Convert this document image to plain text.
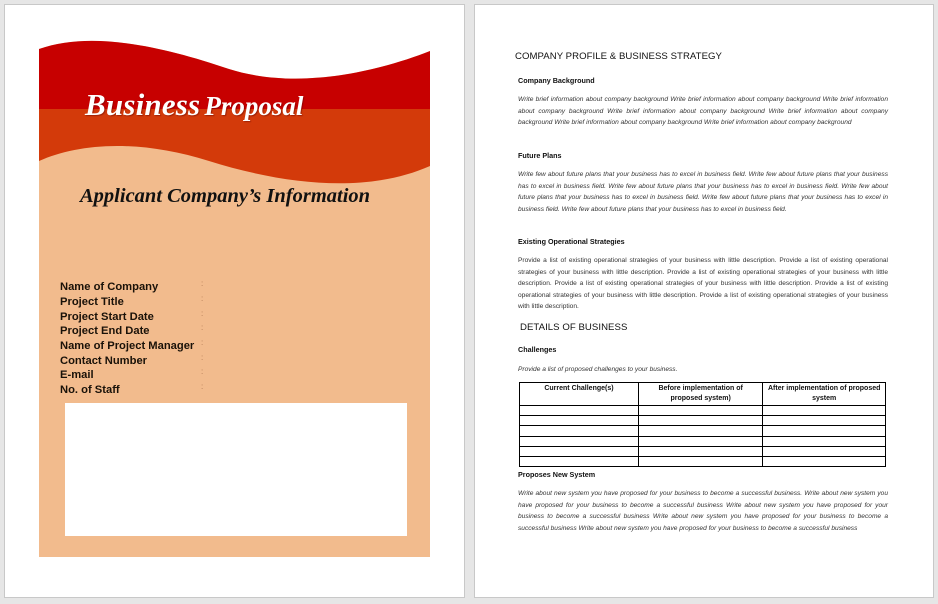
Business Proposal
Applicant Company’s Information
Name of Company	:
Project Title	:
Project Start Date	:
Project End Date	:
Name of Project Manager :
Contact Number	:
E-mail	:
No. of Staff	:
COMPANY PROFILE & BUSINESS STRATEGY
Company Background
Write brief information about company background Write brief information about company background Write brief information about company background Write brief information about company background Write brief information about company background Write brief information about company background Write brief information about company background
Future Plans
Write few about future plans that your business has to excel in business field. Write few about future plans that your business has to excel in business field. Write few about future plans that your business has to excel in business field. Write few about future plans that your business has to excel in business field. Write few about future plans that your business has to excel in business field. Write few about future plans that your business has to excel in business field.
Existing Operational Strategies
Provide a list of existing operational strategies of your business with little description. Provide a list of existing operational strategies of your business with little description. Provide a list of existing operational strategies of your business with little description. Provide a list of existing operational strategies of your business with little description. Provide a list of existing operational strategies of your business with little description. Provide a list of existing operational strategies of your business with little description.
DETAILS OF BUSINESS
Challenges
Provide a list of proposed challenges to your business.
Current Challenge(s)	Before implementation of proposed system)	After implementation of proposed system

Proposes New System
Write about new system you have proposed for your business to become a successful business. Write about new system you have proposed for your business to become a successful business Write about new system you have proposed for your business to become a successful business Write about new system you have proposed for your business to become a successful business Write about new system you have proposed for your business to become a successful business
